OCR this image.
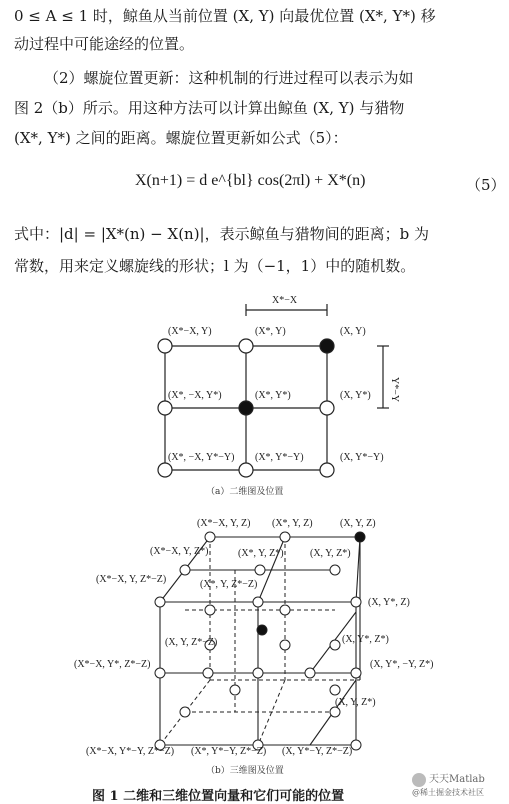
0 ≤ A ≤ 1 时，鲸鱼从当前位置 (X, Y) 向最优位置 (X*, Y*) 移
动过程中可能途经的位置。
（2）螺旋位置更新：这种机制的行进过程可以表示为如
图 2（b）所示。用这种方法可以计算出鲸鱼 (X, Y) 与猎物
(X*, Y*) 之间的距离。螺旋位置更新如公式（5）：
X(n+1) = d e^{bl} cos(2πl) + X*(n)	（5）
式中：|d| = |X*(n) − X(n)|，表示鲸鱼与猎物间的距离；b 为
常数，用来定义螺旋线的形状；l 为（−1，1）中的随机数。
X*−X
Y*−Y
(X*−X, Y)	(X*, Y)	(X, Y)
(X*, −X, Y*)	(X*, Y*)	(X, Y*)
(X*, −X, Y*−Y) (X*, Y*−Y)	(X, Y*−Y)
（a）二维图及位置
(X*−X, Y, Z) (X*, Y, Z)	(X, Y, Z)
(X*−X, Y, Z*)	(X*, Y, Z*)	(X, Y, Z*)
(X*−X, Y, Z*−Z)	(X*, Y, Z*−Z)
(X, Y*, Z)
(X, Y, Z*−Z)	(X, Y*, Z*)
(X*−X, Y*, Z*−Z)	(X, Y*, −Y, Z*)
(X, Y, Z*)
(X*−X, Y*−Y, Z*−Z) (X*, Y*−Y, Z*−Z) (X, Y*−Y, Z*−Z)
（b）三维图及位置
图 1 二维和三维位置向量和它们可能的位置
天天Matlab
@稀土掘金技术社区
